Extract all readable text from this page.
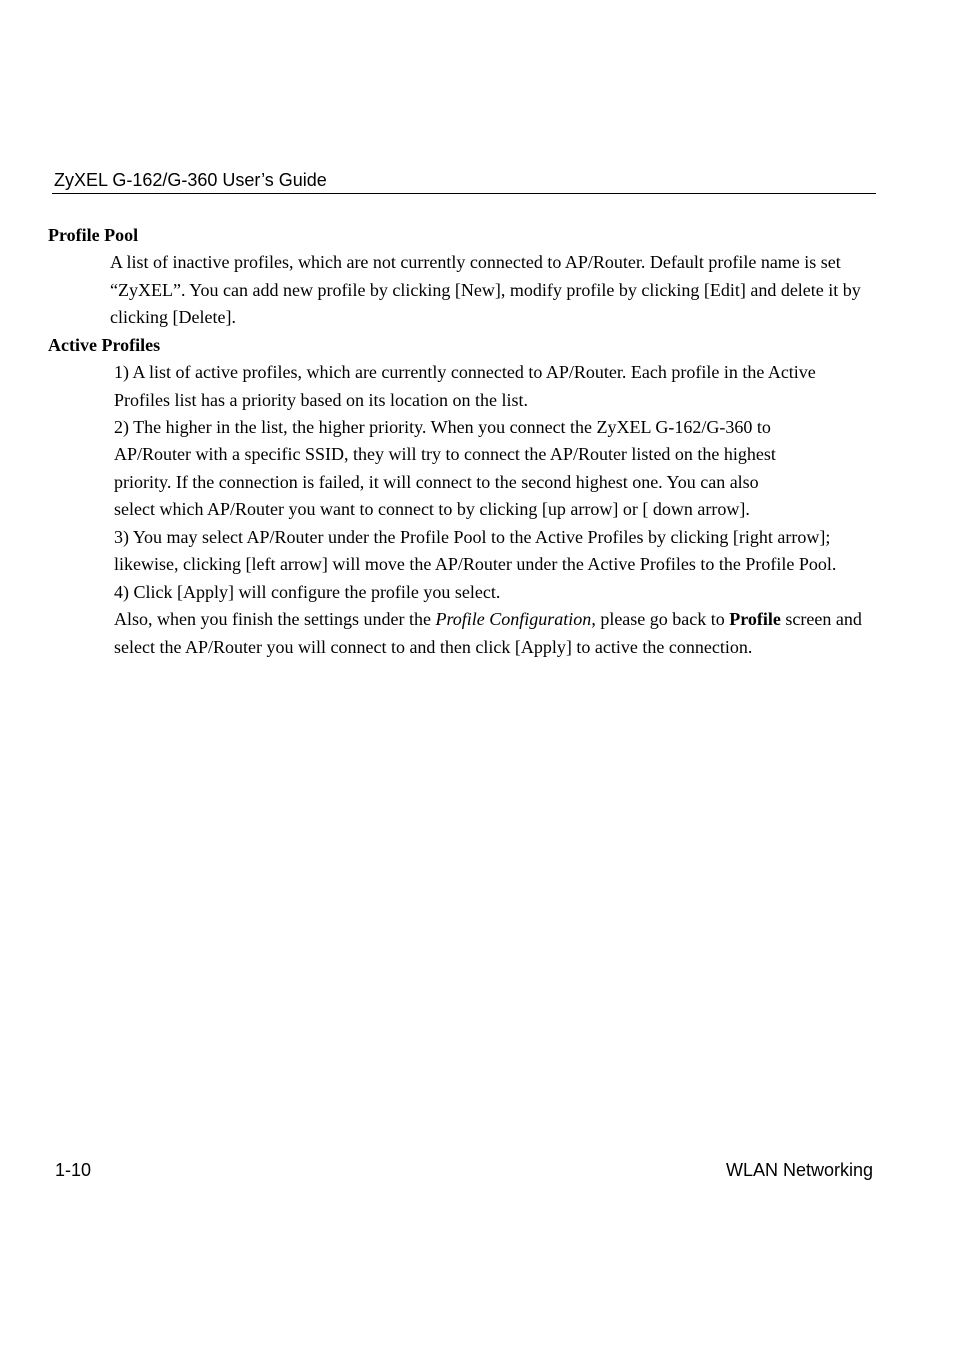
ZyXEL G-162/G-360 User’s Guide
Profile Pool
A list of inactive profiles, which are not currently connected to AP/Router. Default profile name is set
“ZyXEL”. You can add new profile by clicking [New], modify profile by clicking [Edit] and delete it by
clicking [Delete].
Active Profiles
1) A list of active profiles, which are currently connected to AP/Router. Each profile in the Active
Profiles list has a priority based on its location on the list.
2) The higher in the list, the higher priority. When you connect the ZyXEL G-162/G-360 to
AP/Router with a specific SSID, they will try to connect the AP/Router listed on the highest
priority. If the connection is failed, it will connect to the second highest one. You can also
select which AP/Router you want to connect to by clicking [up arrow] or [ down arrow].
3) You may select AP/Router under the Profile Pool to the Active Profiles by clicking [right arrow];
likewise, clicking [left arrow] will move the AP/Router under the Active Profiles to the Profile Pool.
4) Click [Apply] will configure the profile you select.
Also, when you finish the settings under the Profile Configuration, please go back to Profile screen and
select the AP/Router you will connect to and then click [Apply] to active the connection.
1-10	WLAN Networking
